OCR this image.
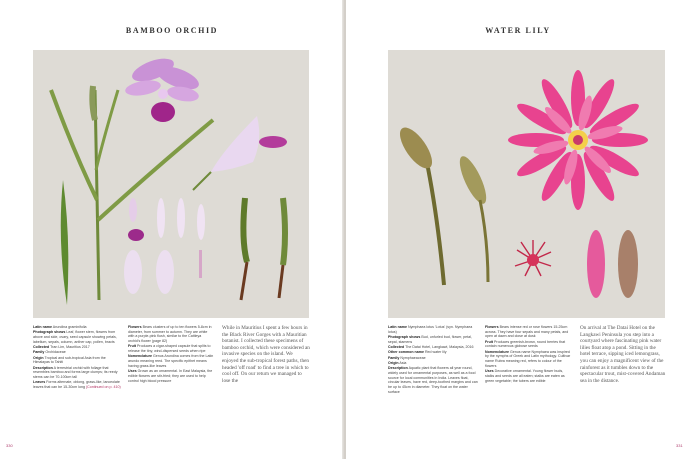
BAMBOO ORCHID

Latin name Arundina graminifolia

Photograph shows Leaf, flower stem, flowers from above and side, ovary, seed capsule showing petals, labellum, sepals, column, anther cap, pollen, bracts

Collected Tran Lim, Mauritius 2017

Family Orchidaceae

Origin Tropical and sub-tropical Asia from the Himalayas to Tahiti

Description A terrestrial orchid with foliage that resembles bamboo and forms large clumps; its reedy stems can be 70-100cm tall

Leaves Forms alternate, oblong, grass-like, lanceolate leaves that can be 15-30cm long (Continued on p. 410)

Flowers Bears clusters of up to ten flowers 5-8cm in diameter, from summer to autumn. They are white with a purple-pink flush, similar to the Cattleya orchid's flower (page 82)

Fruit Produces a cigar-shaped capsule that splits to release the tiny, wind-dispersed seeds when ripe

Nomenclature Genus Arundina comes from the Latin arundo meaning reed. The specific epithet means having grass-like leaves

Uses Grown as an ornamental. In East Malaysia, the edible flowers are stir-fried; they are used to help control high blood pressure

While in Mauritius I spent a few hours in the Black River Gorges with a Mauritian botanist. I collected these specimens of bamboo orchid, which were considered an invasive species on the island. We enjoyed the sub-tropical forest paths, then headed 'off road' to find a tree in which to cool off. On our return we managed to lose the
330
WATER LILY

Latin name Nymphaea lotus 'Lotus' (syn. Nymphaea lotus)

Photograph shows Bud, unfurled bud, flower, petal, sepal, stamens

Collected The Datai Hotel, Langkawi, Malaysia, 2016

Other common name Red water lily

Family Nymphaeaceae

Origin Asia

Description Aquatic plant that flowers all year round, widely used for ornamental purposes, as well as a food source for local communities in India. Leaves float, circular leaves, have red, deep-toothed margins and can be up to 45cm in diameter. They float on the water surface

Flowers Bears intense red or rose flowers 15-25cm across. They have four sepals and many petals, and open at dawn and close at dusk

Fruit Produces greenish-brown, round berries that contain numerous globose seeds

Nomenclature Genus name Nymphaea was inspired by the nymphs of Greek and Latin mythology. Cultivar name Rubra meaning red, refers to colour of the flowers

Uses Decorative ornamental. Young flower buds, stalks and seeds are all eaten; stalks are eaten as green vegetable; the tubers are edible

On arrival at The Datai Hotel on the Langkawi Peninsula you step into a courtyard where fascinating pink water lilies float atop a pond. Sitting in the hotel terrace, sipping iced lemongrass, you can enjoy a magnificent view of the rainforest as it tumbles down to the spectacular trout, mist-covered Andaman sea in the distance.
331
